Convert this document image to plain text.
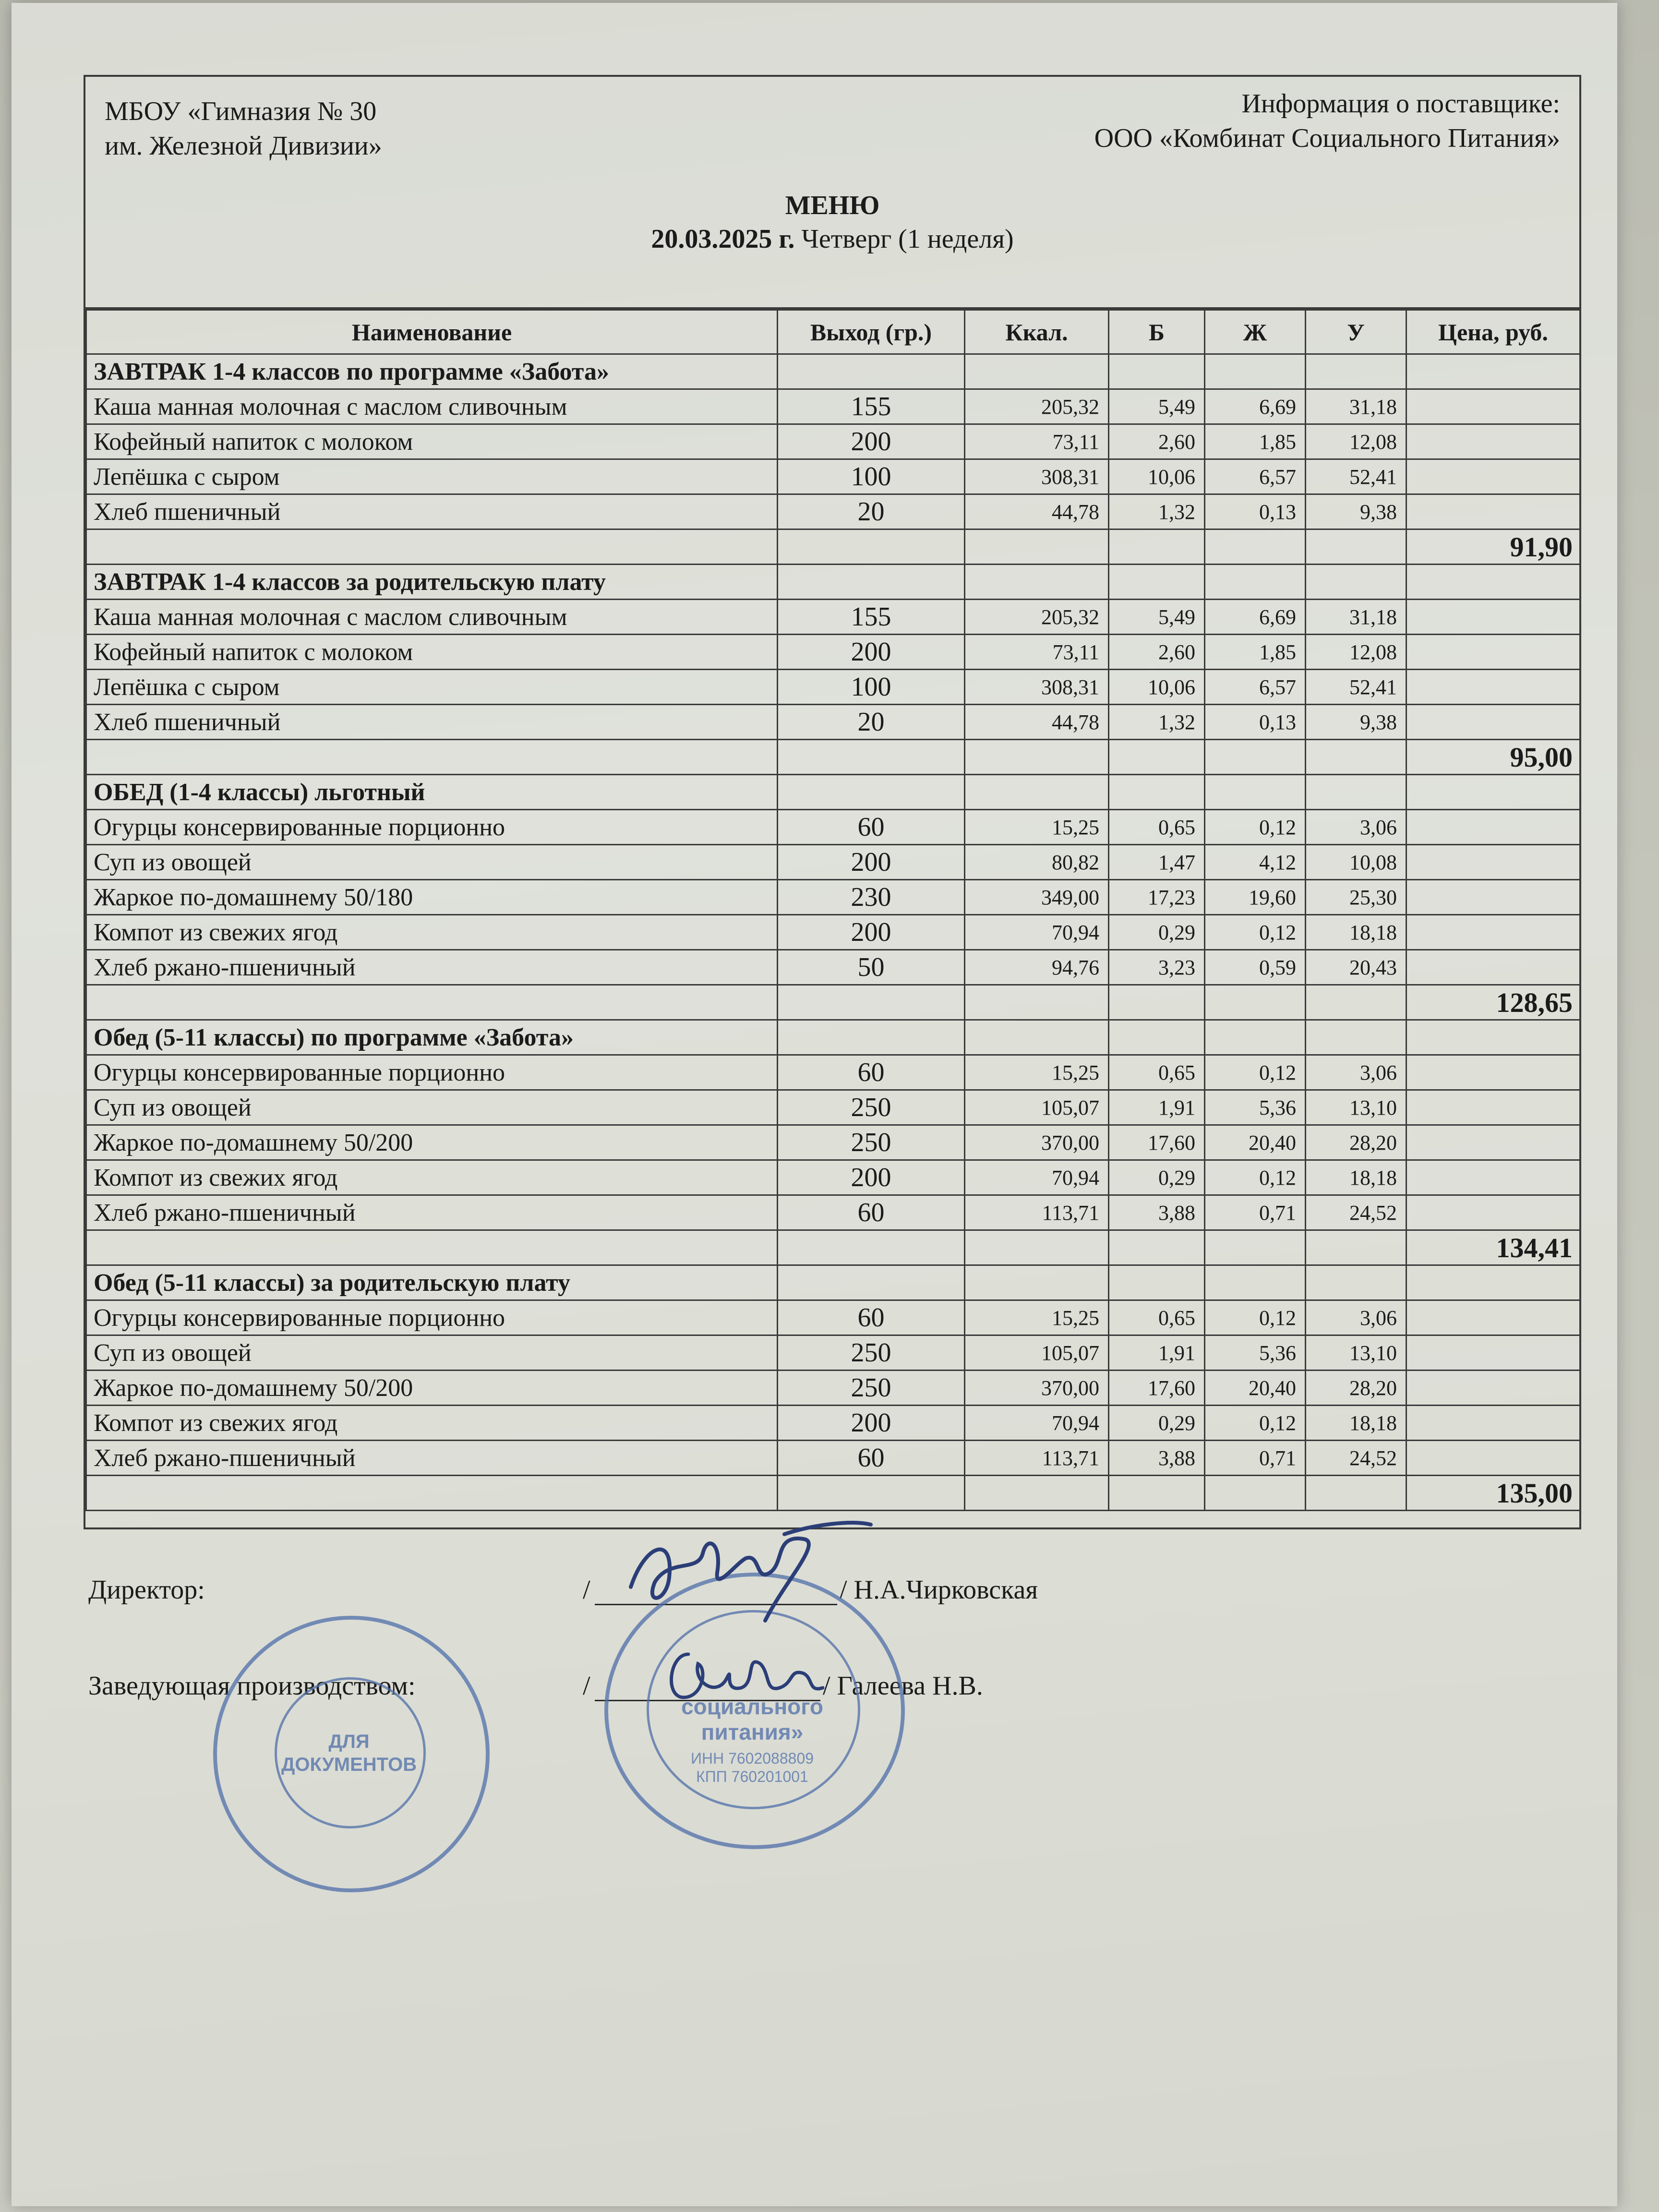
МБОУ «Гимназия № 30
им. Железной Дивизии»
Информация о поставщике:
ООО «Комбинат Социального Питания»
МЕНЮ
20.03.2025 г. Четверг (1 неделя)
Наименование	Выход (гр.)	Ккал.	Б	Ж	У	Цена, руб.
ЗАВТРАК 1-4 классов по программе «Забота»						
Каша манная молочная с маслом сливочным	155	205,32	5,49	6,69	31,18	
Кофейный напиток с молоком	200	73,11	2,60	1,85	12,08	
Лепёшка с сыром	100	308,31	10,06	6,57	52,41	
Хлеб пшеничный	20	44,78	1,32	0,13	9,38	
						91,90
ЗАВТРАК 1-4 классов за родительскую плату						
Каша манная молочная с маслом сливочным	155	205,32	5,49	6,69	31,18	
Кофейный напиток с молоком	200	73,11	2,60	1,85	12,08	
Лепёшка с сыром	100	308,31	10,06	6,57	52,41	
Хлеб пшеничный	20	44,78	1,32	0,13	9,38	
						95,00
ОБЕД (1-4 классы) льготный						
Огурцы консервированные порционно	60	15,25	0,65	0,12	3,06	
Суп из овощей	200	80,82	1,47	4,12	10,08	
Жаркое по-домашнему 50/180	230	349,00	17,23	19,60	25,30	
Компот из свежих ягод	200	70,94	0,29	0,12	18,18	
Хлеб ржано-пшеничный	50	94,76	3,23	0,59	20,43	
						128,65
Обед (5-11 классы) по программе «Забота»						
Огурцы консервированные порционно	60	15,25	0,65	0,12	3,06	
Суп из овощей	250	105,07	1,91	5,36	13,10	
Жаркое по-домашнему 50/200	250	370,00	17,60	20,40	28,20	
Компот из свежих ягод	200	70,94	0,29	0,12	18,18	
Хлеб ржано-пшеничный	60	113,71	3,88	0,71	24,52	
						134,41
Обед (5-11 классы) за родительскую плату						
Огурцы консервированные порционно	60	15,25	0,65	0,12	3,06	
Суп из овощей	250	105,07	1,91	5,36	13,10	
Жаркое по-домашнему 50/200	250	370,00	17,60	20,40	28,20	
Компот из свежих ягод	200	70,94	0,29	0,12	18,18	
Хлеб ржано-пшеничный	60	113,71	3,88	0,71	24,52	
						135,00
Директор:	/	/ Н.А.Чирковская
Заведующая производством:	/	/ Галеева Н.В.
ДЛЯ ДОКУМЕНТОВ
социального
питания»
ИНН 7602088809
КПП 760201001
